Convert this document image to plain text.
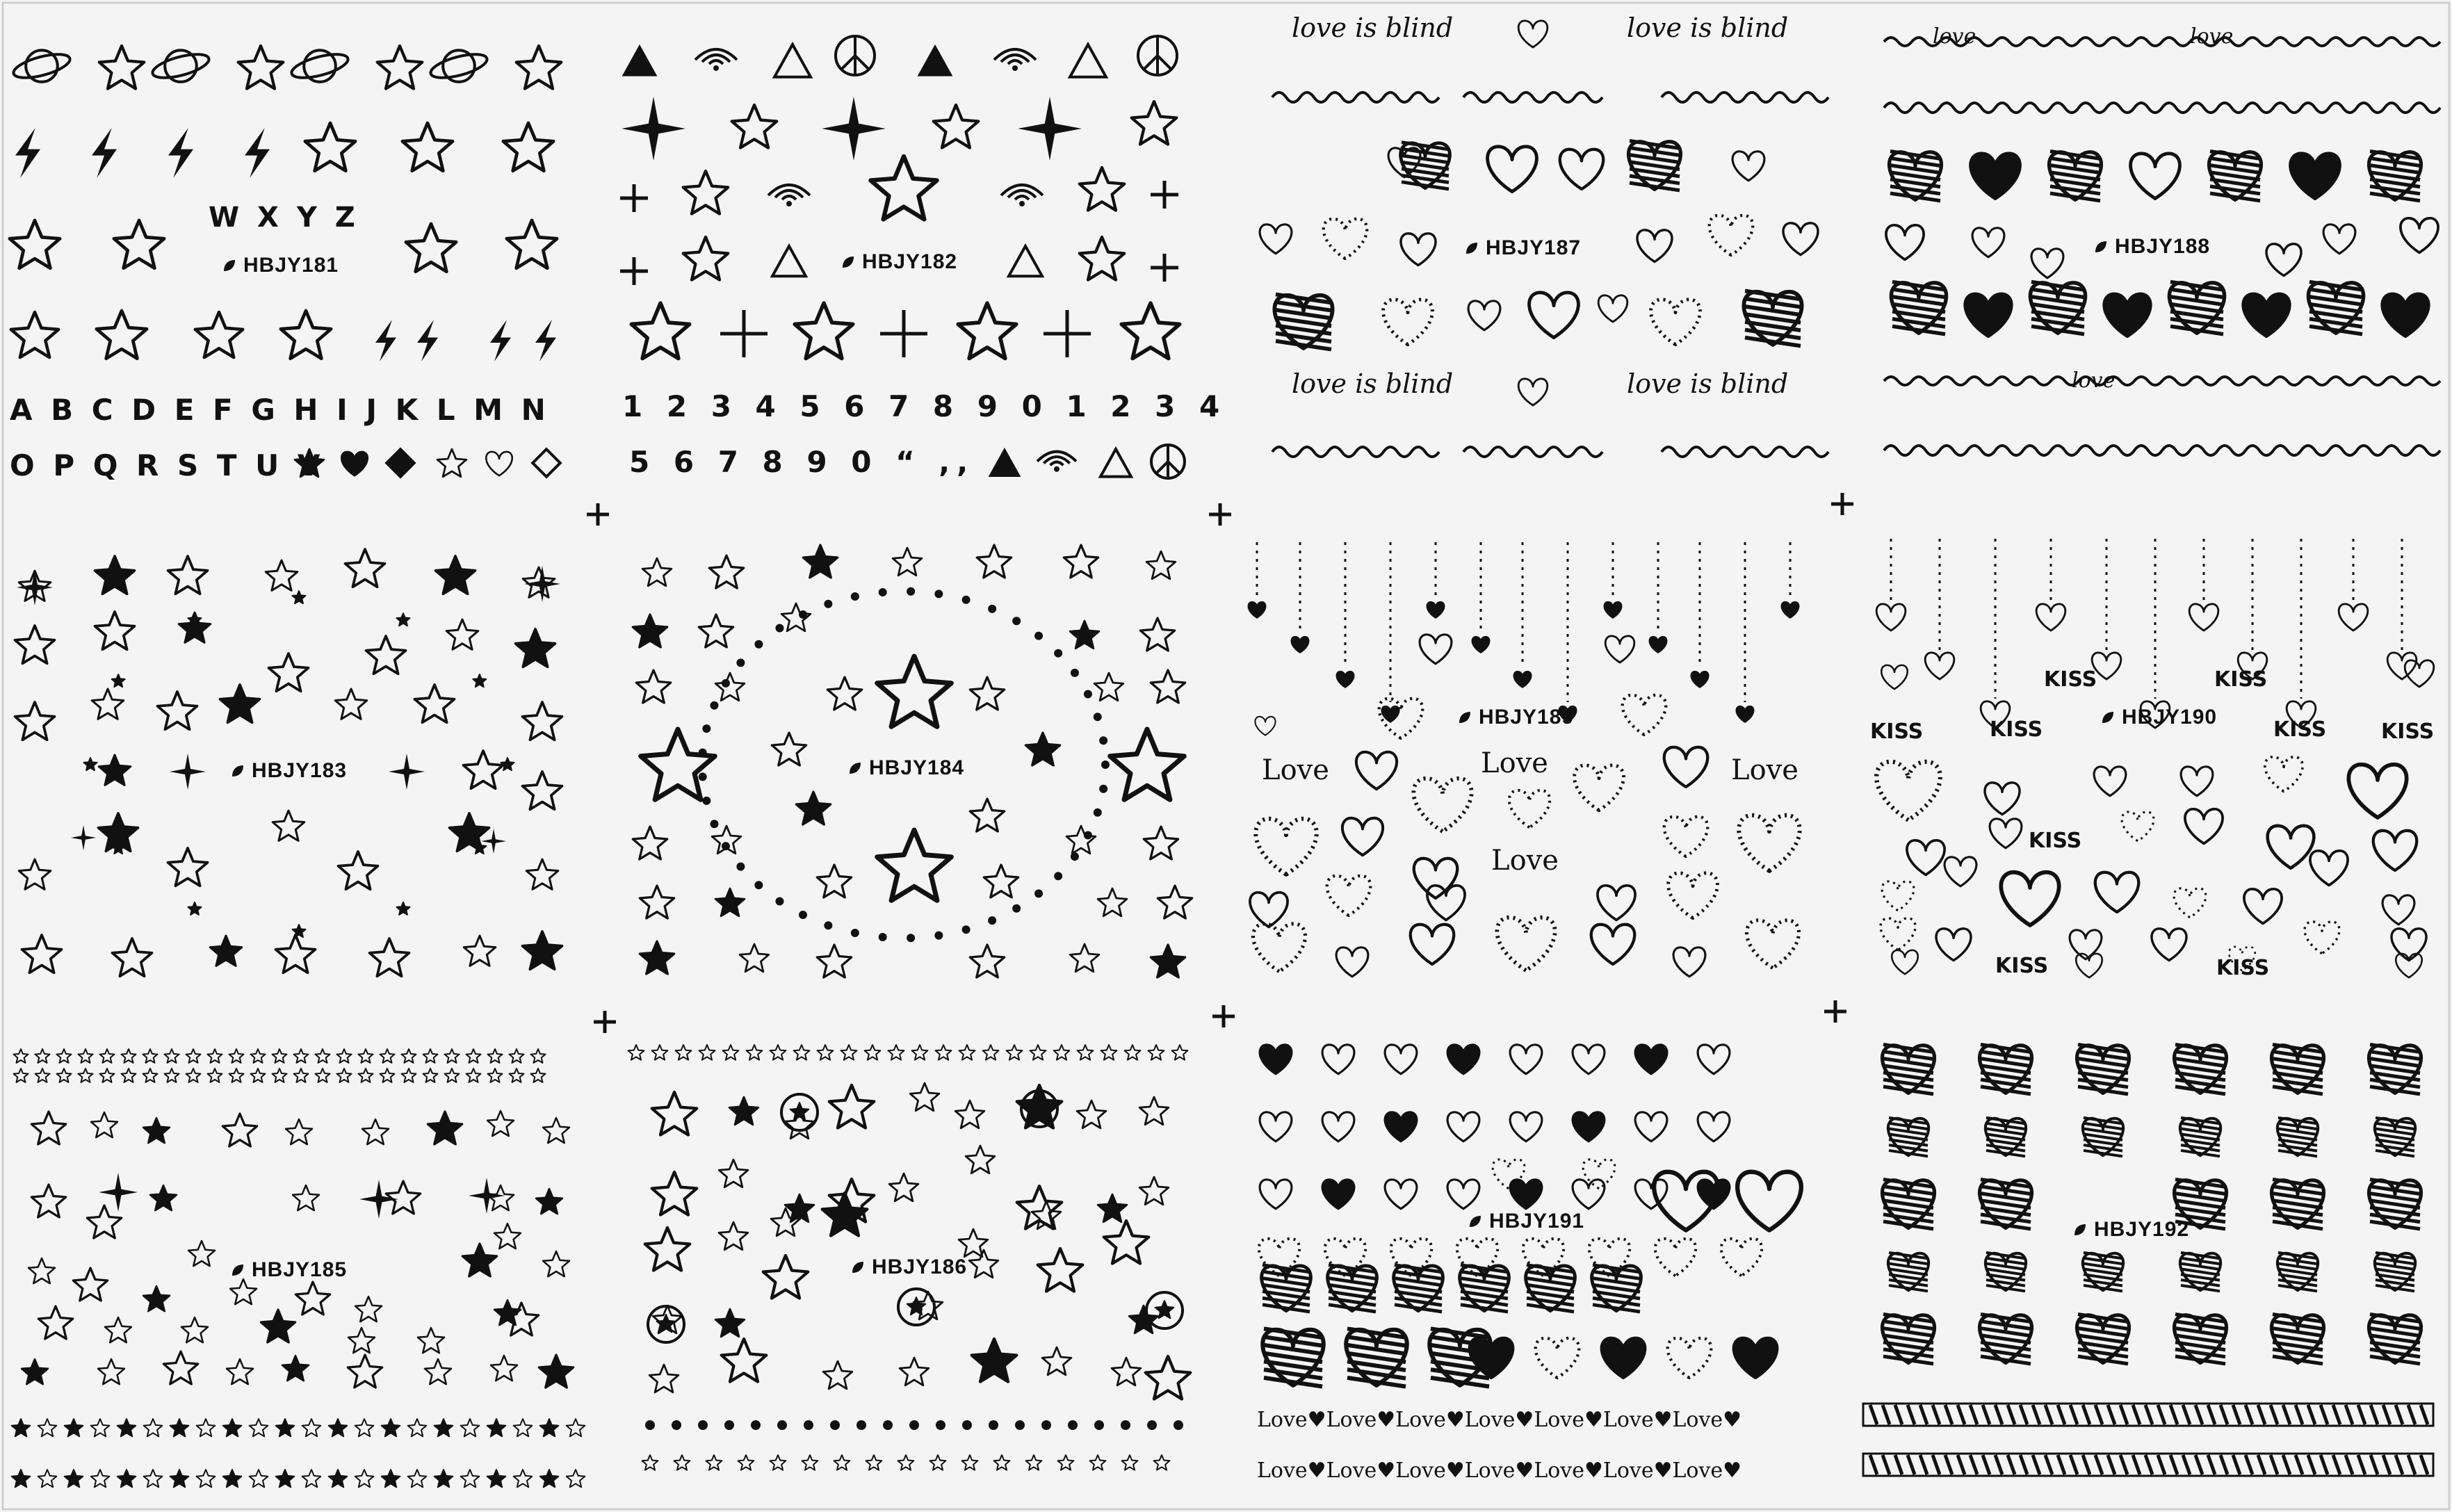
HBJY181	HBJY182
HBJY187	HBJY188
HBJY183	HBJY184
HBJY189	HBJY190
HBJY185	HBJY186
HBJY191	HBJY192
W X Y Z
A B C D E F G H I J K L M N
O P Q R S T U V
1 2 3 4 5 6 7 8 9 0 1 2 3 4
5 6 7 8 9 0 “ ,,
love is blind	love is blind
love is blind	love is blind
love	love
love
Love	Love	Love
Love
KISS	KISS
KISS	KISS	KISS	KISS
KISS
KISS	KISS
Love♥Love♥Love♥Love♥Love♥Love♥Love♥
Love♥Love♥Love♥Love♥Love♥Love♥Love♥
